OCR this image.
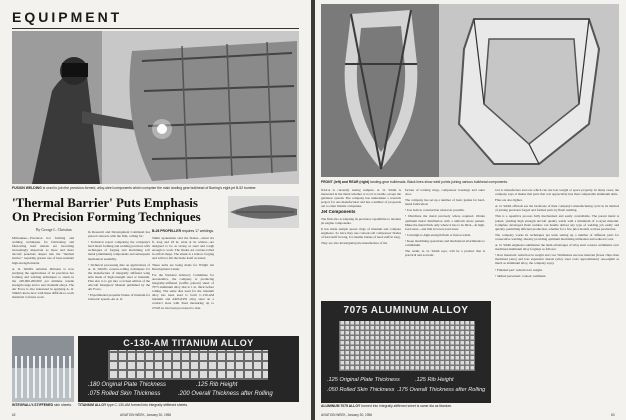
EQUIPMENT
FUSION WELDING is used to join the precision-formed, alloy-steel components which comprise the main landing gear bulkhead of Boeing's eight-jet B-52 bomber.
'Thermal Barrier' Puts Emphasis
On Precision Forming Techniques
By George L. Christian

Milwaukee—Precision hot forming and welding techniques for fabricating and fabricating hard metals are becoming increasingly important as more and more aircraft penetrate deeper into the "thermal barrier," requiring greater use of heat-resistant high-strength metals.

A. O. Smith's Aviation Division is now studying the applications of its precision hot forming and welding techniques to steels in the 220,000-260,000 psi ultimate tensile strength range and to new titanium alloys. The Air Force is also interested in applying A. O. Smith's know-how with these difficult-to-work materials to future work.

In Research and Development Command has placed contracts with the firm, calling for:

• Technical report comparing the company's hard metal forming and welding practices with techniques of forging and machining soft metal (aluminum) components and subsequent mechanical assembly.

• Technical processing data on applications of A. O. Smith's contour-rolling techniques for the manufacture of integrally stiffened wing skin made of high-strength steel or titanium. Plan also is to get into a revised edition of the Aircraft Designers' Manual published by the Air Force.

• Experimental propeller blades of titanium for transonic speeds. An A. O.

B-26 PROPELLER requires 17 weldings.

Smith spokesman said the blades—about six ft. long and 18 in. wide at its widest—are designed to be as strong as steel and tough enough to work. The blades are contour-rolled in airfoil shape. The shank is a hollow forging and will not fail the blade itself as tested.

These units are being made for Wright Air Development Center.

For the National Advisory Committee for Aeronautics, the company is producing integrally-stiffened (waffle pattern) sheet of 7075 aluminum alloy that is 1 in. thick before rolling. The same dies used for the titanium alloy has been used to form C-130-AM titanium and AMS-6435 alloy steel on a contract done with Steel measuring up to 27x63 in. has been processed to date.

INTEGRALLY-STIFFENED skin sheets.
C-130-AM TITANIUM ALLOY
.180 Original Plate Thickness	.125 Rib Height
.075 Rolled Skin Thickness	.200 Overall Thickness after Rolling
TITANIUM ALLOY type C-130-AM formed into integrally stiffened sheets.
62	AVIATION WEEK, January 30, 1956
FRONT (left) and REAR (right) landing-gear bulkheads. Black lines show weld points joining various bulkhead components.

NACA is currently testing samples. A. O. Smith is interested in the metal whether or not it is usable, except the guidance system. The company has undertaken a research project for one manufacturer and has a number of proposals out to other missile companies.

Jet Components

The firm also is adapting its precision capabilities to modern jet engine components.

It has made sample spacer rings of titanium and compare engineers. So have they use contour-roll compressor blades of hard stuff in long, for smaller blades of hard stuff in long.

They are also investigating the manufacture of the

facture of rotating rings, compressor housings and outer door.

The company has set up a number of basic guides for hard-metal fabrication:

• Use hollow construction wherever possible.

• Distribute the metal precisely where required. Obtain optimum metal distribution with a uniform stress pattern. Make the metal thick only where it has to be thick—in high-load areas—and thin in lower-load areas.

• Join high-to-high-strength flush or fusion welds.

• Keep machining operations and mechanical attachments to a minimum.

The result, A. O. Smith says, will be a product that is practical and econom-

ical to manufacture and one which can use less weight or space properly. In many cases, the company says, it makes that parts that cost appreciably less than comparable aluminum units.

Flies are also lighter.

A. O. Smith officials see the backbone of their company's manufacturing cycle in its method of joining precision forged and formed parts by flush welding.

This is a repetitive process fully mechanized and easily controllable. The parent metal is joined, yielding high strength aircraft quality welds with a minimum of x-rayed material. Complete developed flush welders can handle almost any type of welding job easily and quickly, permitting efficient production, whether for a few pilot models or mass production.

The company works its techniques per units setting up a number of different parts for consecutive welding, thereby providing optimum machining utilization and reduced costs.

A. O. Smith engineers summarize the main advantages of alloy steel contour weldments over machined aluminum alloy forgings as follows:

• Raw materials: reduction in weight and cost. Weldments use less material (fewer chips than machined parts) and less expensive metals (alloy steel costs approximately one-eighth as much as aluminum alloy, the company says).

• Finished part: reduction in weight.

• Skilled personnel: contour weldment

7075 ALUMINUM ALLOY
.125 Original Plate Thickness	.125 Rib Height
.050 Rolled Skin Thickness .175 Overall Thickness after Rolling
ALUMINUM 7075 ALLOY formed into integrally-stiffened sheet is same dia as titanium.
AVIATION WEEK, January 30, 1956	63
